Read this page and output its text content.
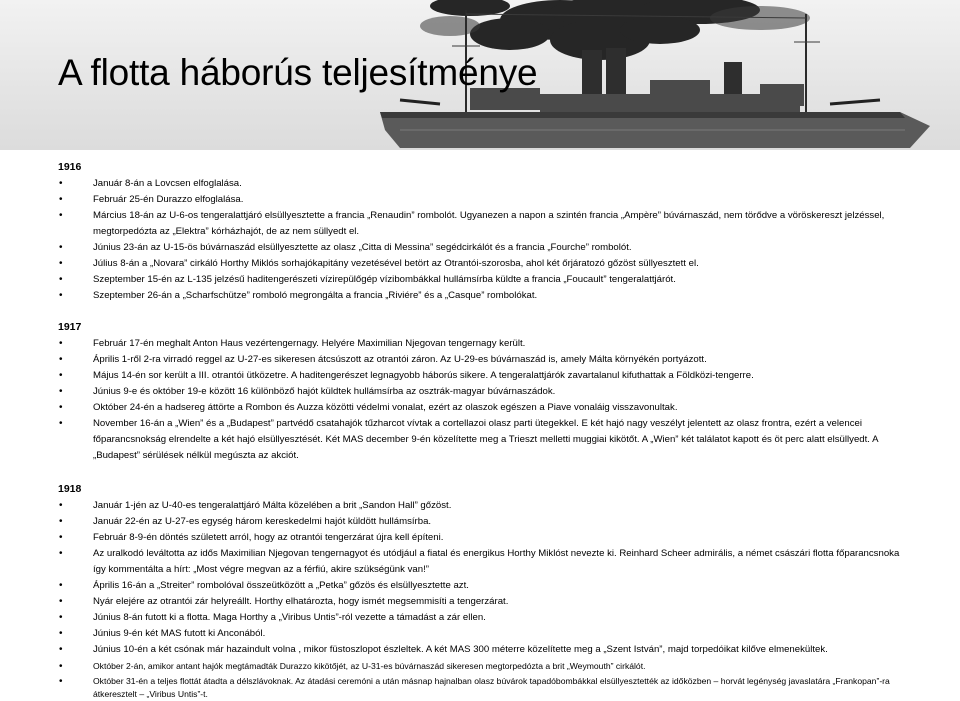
A flotta háborús teljesítménye
1916
• Január 8-án a Lovcsen elfoglalása.
• Február 25-én Durazzo elfoglalása.
• Március 18-án az U-6-os tengeralattjáró elsüllyesztette a francia „Renaudin” rombolót. Ugyanezen a napon a szintén francia „Ampère” búvárnaszád, nem törődve a vöröskereszt jelzéssel, megtorpedózta az „Elektra” kórházhajót, de az nem süllyedt el.
• Június 23-án az U-15-ös búvárnaszád elsüllyesztette az olasz „Citta di Messina” segédcirkálót és a francia „Fourche” rombolót.
• Július 8-án a „Novara” cirkáló Horthy Miklós sorhajókapitány vezetésével betört az Otrantói-szorosba, ahol két őrjáratozó gőzöst süllyesztett el.
• Szeptember 15-én az L-135 jelzésű haditengerészeti vízirepülőgép vízibombákkal hullámsírba küldte a francia „Foucault” tengeralattjárót.
• Szeptember 26-án a „Scharfschütze” romboló megrongálta a francia „Riviére” és a „Casque” rombolókat.
1917
• Február 17-én meghalt Anton Haus vezértengernagy. Helyére Maximilian Njegovan tengernagy került.
• Április 1-ről 2-ra virradó reggel az U-27-es sikeresen átcsúszott az otrantói záron. Az U-29-es búvárnaszád is, amely Málta környékén portyázott.
• Május 14-én sor került a III. otrantói ütközetre. A haditengerészet legnagyobb háborús sikere. A tengeralattjárók zavartalanul kifuthattak a Földközi-tengerre.
• Június 9-e és október 19-e között 16 különböző hajót küldtek hullámsírba az osztrák-magyar búvárnaszádok.
• Október 24-én a hadsereg áttörte a Rombon és Auzza közötti védelmi vonalat, ezért az olaszok egészen a Piave vonaláig visszavonultak.
• November 16-án a „Wien” és a „Budapest” partvédő csatahajók tűzharcot vívtak a cortellazoi olasz parti ütegekkel. E két hajó nagy veszélyt jelentett az olasz frontra, ezért a velencei főparancsnokság elrendelte a két hajó elsüllyesztését. Két MAS december 9-én közelítette meg a Trieszt melletti muggiai kikötőt. A „Wien” két találatot kapott és öt perc alatt elsüllyedt. A „Budapest” sérülések nélkül megúszta az akciót.
1918
• Január 1-jén az U-40-es tengeralattjáró Málta közelében a brit „Sandon Hall” gőzöst.
• Január 22-én az U-27-es egység három kereskedelmi hajót küldött hullámsírba.
• Február 8-9-én döntés született arról, hogy az otrantói tengerzárat újra kell építeni.
• Az uralkodó leváltotta az idős Maximilian Njegovan tengernagyot és utódjául a fiatal és energikus Horthy Miklóst nevezte ki. Reinhard Scheer admirális, a német császári flotta főparancsnoka így kommentálta a hírt: „Most végre megvan az a férfiú, akire szükségünk van!”
• Április 16-án a „Streiter” rombolóval összeütközött a „Petka” gőzös és elsüllyesztette azt.
• Nyár elejére az otrantói zár helyreállt. Horthy elhatározta, hogy ismét megsemmisíti a tengerzárat.
• Június 8-án futott ki a flotta. Maga Horthy a „Viribus Untis”-ról vezette a támadást a zár ellen.
• Június 9-én két MAS futott ki Anconából.
• Június 10-én a két csónak már hazaindult volna , mikor füstoszlopot észleltek. A két MAS 300 méterre közelítette meg a „Szent István”, majd torpedóikat kilőve elmenekültek.
• Október 2-án, amikor antant hajók megtámadták Durazzo kikötőjét, az U-31-es búvárnaszád sikeresen megtorpedózta a brit „Weymouth” cirkálót.
• Október 31-én a teljes flottát átadta a délszlávoknak. Az átadási ceremóni a után másnap hajnalban olasz búvárok tapadóbombákkal elsüllyesztették az időközben – horvát legénység javaslatára „Frankopan”-ra átkeresztelt – „Viribus Untis”-t.
